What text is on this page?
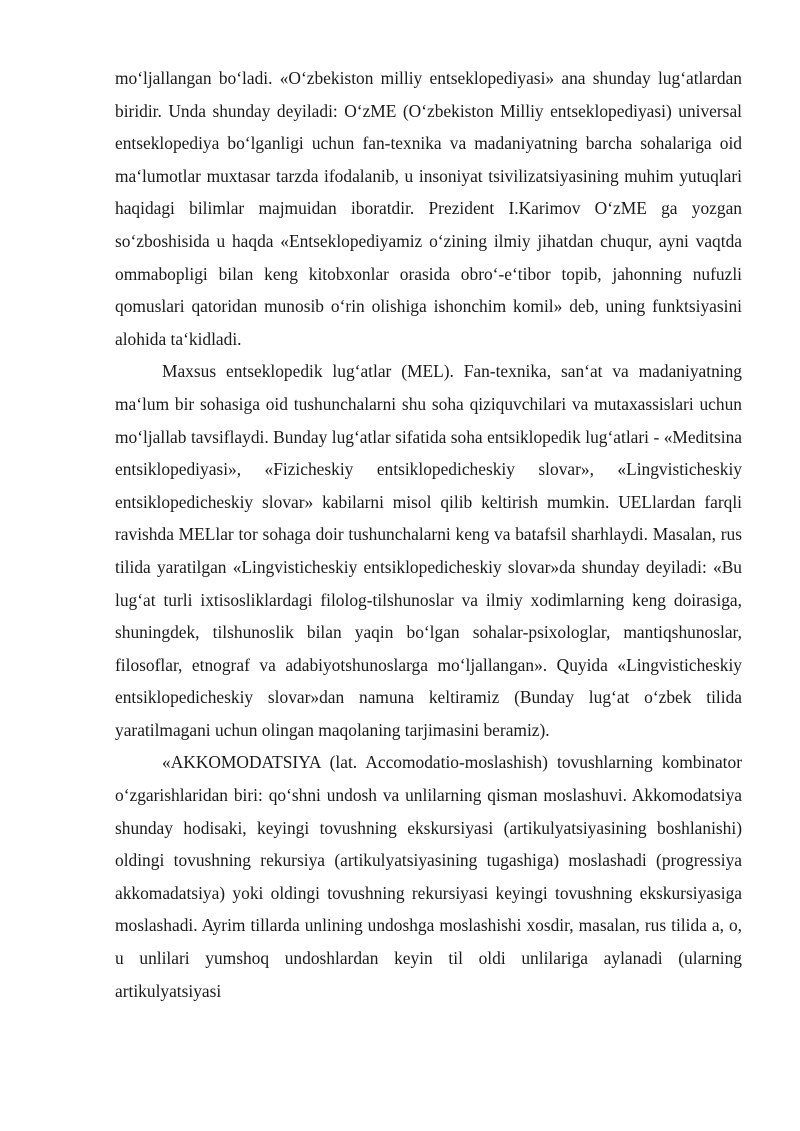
mo‘ljallangan bo‘ladi. «O‘zbekiston milliy entseklopediyasi» ana shunday lug‘atlardan biridir. Unda shunday deyiladi: O‘zME (O‘zbekiston Milliy entseklopediyasi) universal entseklopediya bo‘lganligi uchun fan-texnika va madaniyatning barcha sohalariga oid ma‘lumotlar muxtasar tarzda ifodalanib, u insoniyat tsivilizatsiyasining muhim yutuqlari haqidagi bilimlar majmuidan iboratdir. Prezident I.Karimov O‘zME ga yozgan so‘zboshisida u haqda «Entseklopediyamiz o‘zining ilmiy jihatdan chuqur, ayni vaqtda ommabopligi bilan keng kitobxonlar orasida obro‘-e‘tibor topib, jahonning nufuzli qomuslari qatoridan munosib o‘rin olishiga ishonchim komil» deb, uning funktsiyasini alohida ta‘kidladi.

Maxsus entseklopedik lug‘atlar (MEL). Fan-texnika, san‘at va madaniyatning ma‘lum bir sohasiga oid tushunchalarni shu soha qiziquvchilari va mutaxassislari uchun mo‘ljallab tavsiflaydi. Bunday lug‘atlar sifatida soha entsiklopedik lug‘atlari - «Meditsina entsiklopediyasi», «Fizicheskiy entsiklopedicheskiy slovar», «Lingvisticheskiy entsiklopedicheskiy slovar» kabilarni misol qilib keltirish mumkin. UELlardan farqli ravishda MELlar tor sohaga doir tushunchalarni keng va batafsil sharhlaydi. Masalan, rus tilida yaratilgan «Lingvisticheskiy entsiklopedicheskiy slovar»da shunday deyiladi: «Bu lug‘at turli ixtisosliklardagi filolog-tilshunoslar va ilmiy xodimlarning keng doirasiga, shuningdek, tilshunoslik bilan yaqin bo‘lgan sohalar-psixologlar, mantiqshunoslar, filosoflar, etnograf va adabiyotshunoslarga mo‘ljallangan». Quyida «Lingvisticheskiy entsiklopedicheskiy slovar»dan namuna keltiramiz (Bunday lug‘at o‘zbek tilida yaratilmagani uchun olingan maqolaning tarjimasini beramiz).

«AKKOMODATSIYA (lat. Accomodatio-moslashish) tovushlarning kombinator o‘zgarishlaridan biri: qo‘shni undosh va unlilarning qisman moslashuvi. Akkomodatsiya shunday hodisaki, keyingi tovushning ekskursiyasi (artikulyatsiyasining boshlanishi) oldingi tovushning rekursiya (artikulyatsiyasining tugashiga) moslashadi (progressiya akkomadatsiya) yoki oldingi tovushning rekursiyasi keyingi tovushning ekskursiyasiga moslashadi. Ayrim tillarda unlining undoshga moslashishi xosdir, masalan, rus tilida a, o, u unlilari yumshoq undoshlardan keyin til oldi unlilariga aylanadi (ularning artikulyatsiyasi
